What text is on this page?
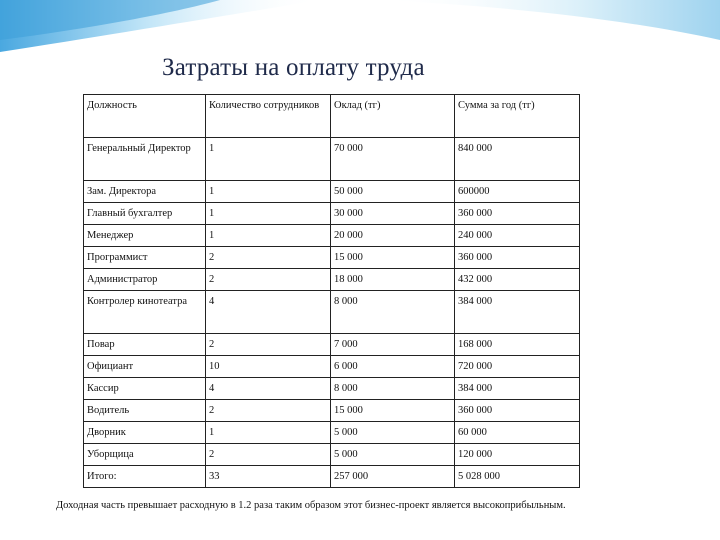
Затраты на оплату труда
Должность	Количество сотрудников	Оклад (тг)	Сумма за год (тг)
Генеральный Директор	1	70 000	840 000
Зам. Директора	1	50 000	600000
Главный бухгалтер	1	30 000	360 000
Менеджер	1	20 000	240 000
Программист	2	15 000	360 000
Администратор	2	18 000	432 000
Контролер кинотеатра	4	8 000	384 000
Повар	2	7 000	168 000
Официант	10	6 000	720 000
Кассир	4	8 000	384 000
Водитель	2	15 000	360 000
Дворник	1	5 000	60 000
Уборщица	2	5 000	120 000
Итого:	33	257 000	5 028 000
Доходная часть превышает расходную в 1.2 раза таким образом этот бизнес-проект является высокоприбыльным.
